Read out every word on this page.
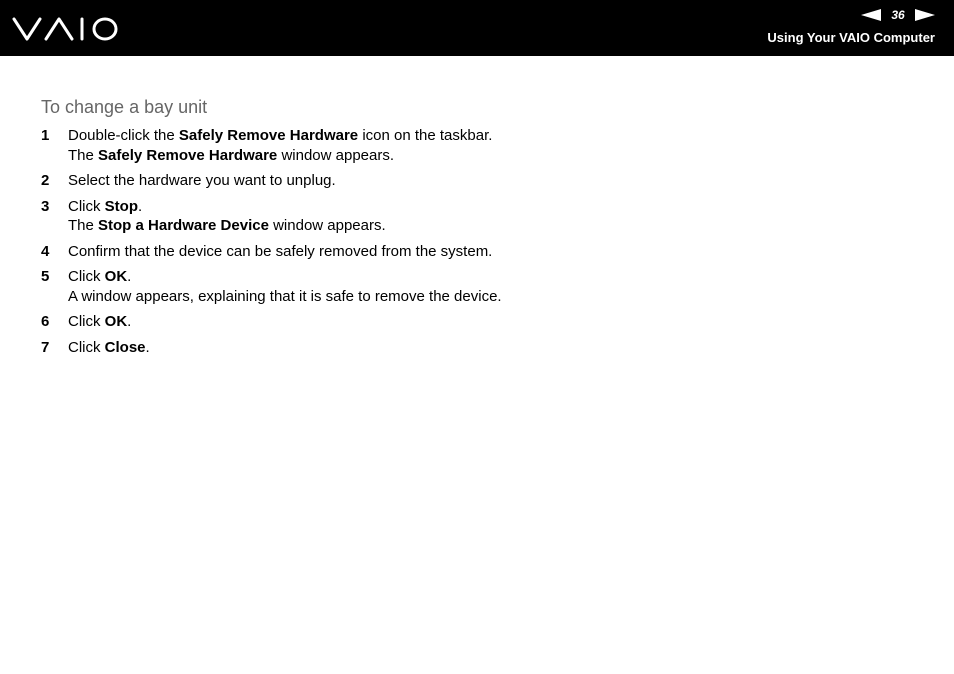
36
Using Your VAIO Computer
To change a bay unit
1	Double-click the Safely Remove Hardware icon on the taskbar.
The Safely Remove Hardware window appears.
2	Select the hardware you want to unplug.
3	Click Stop.
The Stop a Hardware Device window appears.
4	Confirm that the device can be safely removed from the system.
5	Click OK.
A window appears, explaining that it is safe to remove the device.
6	Click OK.
7	Click Close.
